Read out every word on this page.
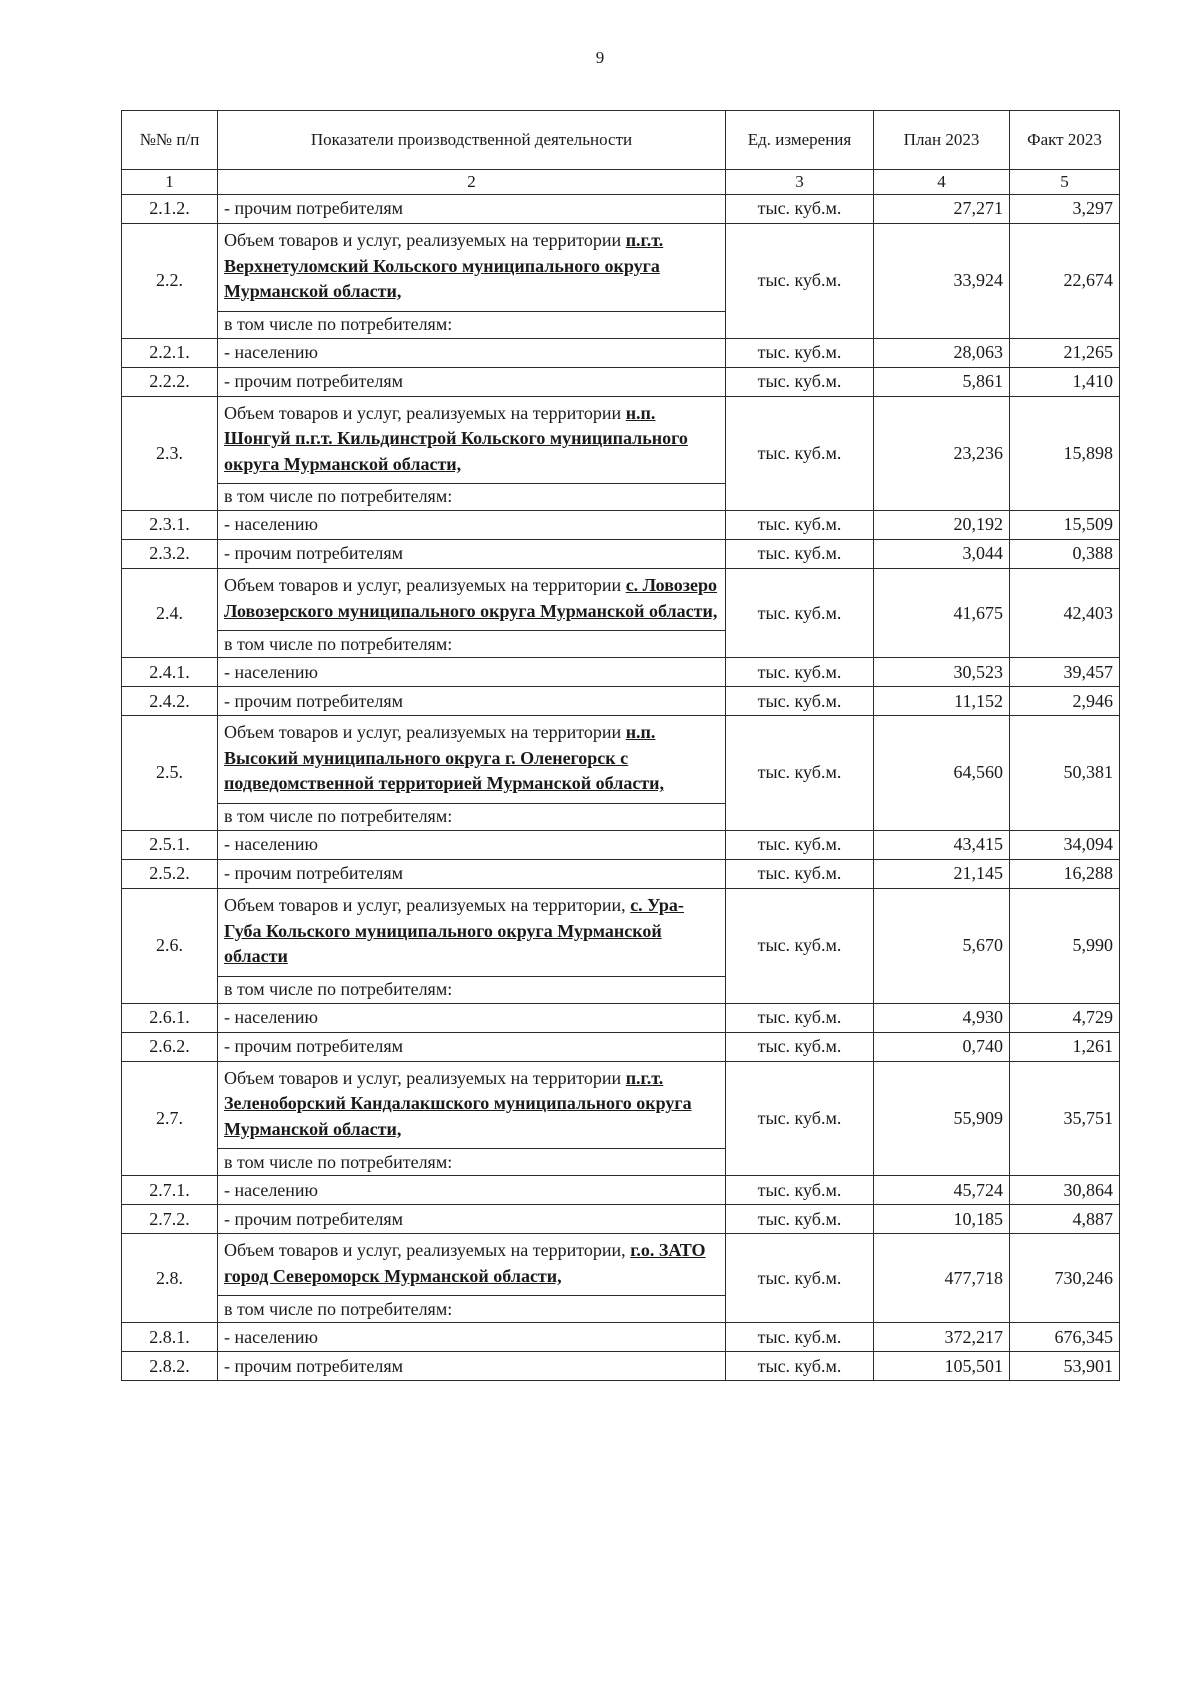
9
№№ п/п	Показатели производственной деятельности	Ед. измерения	План 2023	Факт 2023
1	2	3	4	5
2.1.2.	- прочим потребителям	тыс. куб.м.	27,271	3,297
2.2.	Объем товаров и услуг, реализуемых на территории п.г.т. Верхнетуломский Кольского муниципального округа Мурманской области,	тыс. куб.м.	33,924	22,674
	в том числе по потребителям:			
2.2.1.	- населению	тыс. куб.м.	28,063	21,265
2.2.2.	- прочим потребителям	тыс. куб.м.	5,861	1,410
2.3.	Объем товаров и услуг, реализуемых на территории н.п. Шонгуй п.г.т. Кильдинстрой Кольского муниципального округа Мурманской области,	тыс. куб.м.	23,236	15,898
	в том числе по потребителям:			
2.3.1.	- населению	тыс. куб.м.	20,192	15,509
2.3.2.	- прочим потребителям	тыс. куб.м.	3,044	0,388
2.4.	Объем товаров и услуг, реализуемых на территории с. Ловозеро Ловозерского муниципального округа Мурманской области,	тыс. куб.м.	41,675	42,403
	в том числе по потребителям:			
2.4.1.	- населению	тыс. куб.м.	30,523	39,457
2.4.2.	- прочим потребителям	тыс. куб.м.	11,152	2,946
2.5.	Объем товаров и услуг, реализуемых на территории н.п. Высокий муниципального округа г. Оленегорск с подведомственной территорией Мурманской области,	тыс. куб.м.	64,560	50,381
	в том числе по потребителям:			
2.5.1.	- населению	тыс. куб.м.	43,415	34,094
2.5.2.	- прочим потребителям	тыс. куб.м.	21,145	16,288
2.6.	Объем товаров и услуг, реализуемых на территории, с. Ура-Губа Кольского муниципального округа Мурманской области	тыс. куб.м.	5,670	5,990
	в том числе по потребителям:			
2.6.1.	- населению	тыс. куб.м.	4,930	4,729
2.6.2.	- прочим потребителям	тыс. куб.м.	0,740	1,261
2.7.	Объем товаров и услуг, реализуемых на территории п.г.т. Зеленоборский Кандалакшского муниципального округа Мурманской области,	тыс. куб.м.	55,909	35,751
	в том числе по потребителям:			
2.7.1.	- населению	тыс. куб.м.	45,724	30,864
2.7.2.	- прочим потребителям	тыс. куб.м.	10,185	4,887
2.8.	Объем товаров и услуг, реализуемых на территории, г.о. ЗАТО город Североморск Мурманской области,	тыс. куб.м.	477,718	730,246
	в том числе по потребителям:			
2.8.1.	- населению	тыс. куб.м.	372,217	676,345
2.8.2.	- прочим потребителям	тыс. куб.м.	105,501	53,901
